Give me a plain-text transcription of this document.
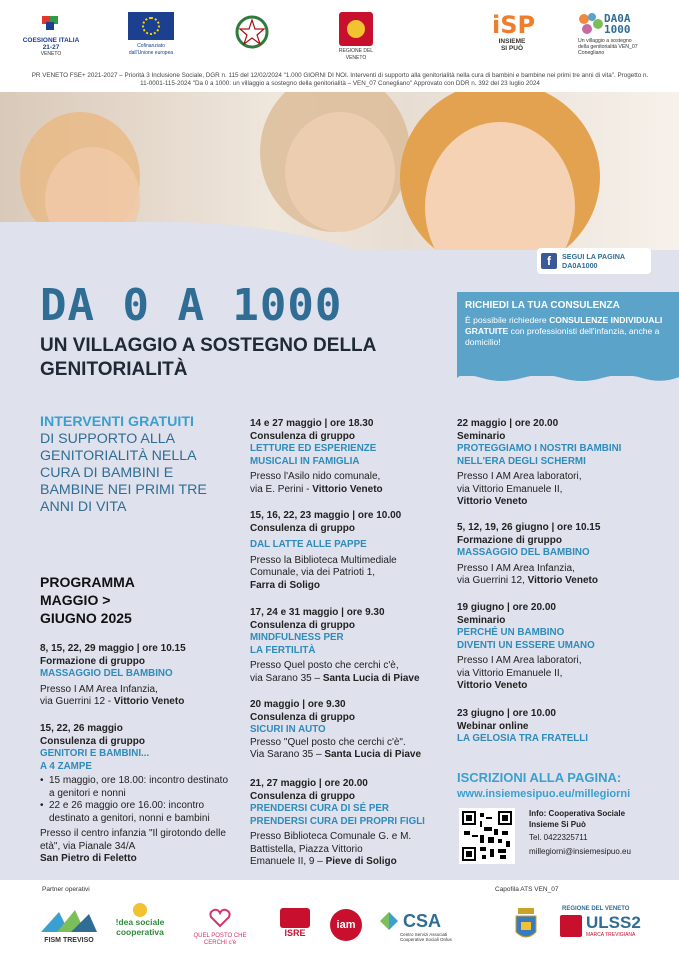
COESIONE ITALIA 21-27
VENETO
Cofinanziato dall'Unione europea	REGIONE DEL VENETO
iSP
INSIEME SI PUÒ
DA0A 1000
Un villaggio a sostegno della genitorialità VEN_07 Conegliano
PR VENETO FSE+ 2021-2027 – Priorità 3 Inclusione Sociale, DGR n. 115 del 12/02/2024 "1.000 GIORNI DI NOI. Interventi di supporto alla genitorialità nella cura di bambini e bambine nei primi tre anni di vita". Progetto n. 11-0001-115-2024 "Da 0 a 1000: un villaggio a sostegno della genitorialità – VEN_07 Conegliano" Approvato con DDR n. 392 del 23 luglio 2024
f	SEGUI LA PAGINA
DA0A1000
DA 0 A 1000
UN VILLAGGIO A SOSTEGNO DELLA GENITORIALITÀ
RICHIEDI LA TUA CONSULENZA
È possibile richiedere CONSULENZE INDIVIDUALI GRATUITE con professionisti dell'infanzia, anche a domicilio!
INTERVENTI GRATUITI
DI SUPPORTO ALLA GENITORIALITÀ NELLA CURA DI BAMBINI E BAMBINE NEI PRIMI TRE ANNI DI VITA
PROGRAMMA
MAGGIO >
GIUGNO 2025
8, 15, 22, 29 maggio | ore 10.15
Formazione di gruppo
MASSAGGIO DEL BAMBINO
Presso I AM Area Infanzia,
via Guerrini 12 - Vittorio Veneto
15, 22, 26 maggio
Consulenza di gruppo
GENITORI E BAMBINI...
A 4 ZAMPE
• 15 maggio, ore 18.00: incontro destinato a genitori e nonni
• 22 e 26 maggio ore 16.00: incontro destinato a genitori, nonni e bambini
Presso il centro infanzia "Il girotondo delle età", via Pianale 34/A
San Pietro di Feletto
14 e 27 maggio | ore 18.30
Consulenza di gruppo
LETTURE ED ESPERIENZE
MUSICALI IN FAMIGLIA
Presso l'Asilo nido comunale,
via E. Perini - Vittorio Veneto
15, 16, 22, 23 maggio | ore 10.00
Consulenza di gruppo
DAL LATTE ALLE PAPPE
Presso la Biblioteca Multimediale
Comunale, via dei Patrioti 1,
Farra di Soligo
17, 24 e 31 maggio | ore 9.30
Consulenza di gruppo
MINDFULNESS PER
LA FERTILITÀ
Presso Quel posto che cerchi c'è,
via Sarano 35 – Santa Lucia di Piave
20 maggio | ore 9.30
Consulenza di gruppo
SICURI IN AUTO
Presso "Quel posto che cerchi c'è".
Via Sarano 35 – Santa Lucia di Piave
21, 27 maggio | ore 20.00
Consulenza di gruppo
PRENDERSI CURA DI SÉ PER
PRENDERSI CURA DEI PROPRI FIGLI
Presso Biblioteca Comunale G. e M.
Battistella, Piazza Vittorio
Emanuele II, 9 – Pieve di Soligo
22 maggio | ore 20.00
Seminario
PROTEGGIAMO I NOSTRI BAMBINI
NELL'ERA DEGLI SCHERMI
Presso I AM Area laboratori,
via Vittorio Emanuele II,
Vittorio Veneto
5, 12, 19, 26 giugno | ore 10.15
Formazione di gruppo
MASSAGGIO DEL BAMBINO
Presso I AM Area Infanzia,
via Guerrini 12, Vittorio Veneto
19 giugno | ore 20.00
Seminario
PERCHÉ UN BAMBINO
DIVENTI UN ESSERE UMANO
Presso I AM Area laboratori,
via Vittorio Emanuele II,
Vittorio Veneto
23 giugno | ore 10.00
Webinar online
LA GELOSIA TRA FRATELLI
ISCRIZIONI ALLA PAGINA:
www.insiemesipuo.eu/millegiorni
Info: Cooperativa Sociale
Insieme Si Può
Tel. 0422325711
millegiorni@insiemesipuo.eu
Partner operativi	Capofila ATS VEN_07
FISM TREVISO
!dea sociale cooperativa	QUEL POSTO CHE CERCHI c'è
ISRE
iam	CSA
Centro Servizi Associati Cooperative Sociali Onlus
REGIONE DEL VENETO
ULSS2
MARCA TREVIGIANA
